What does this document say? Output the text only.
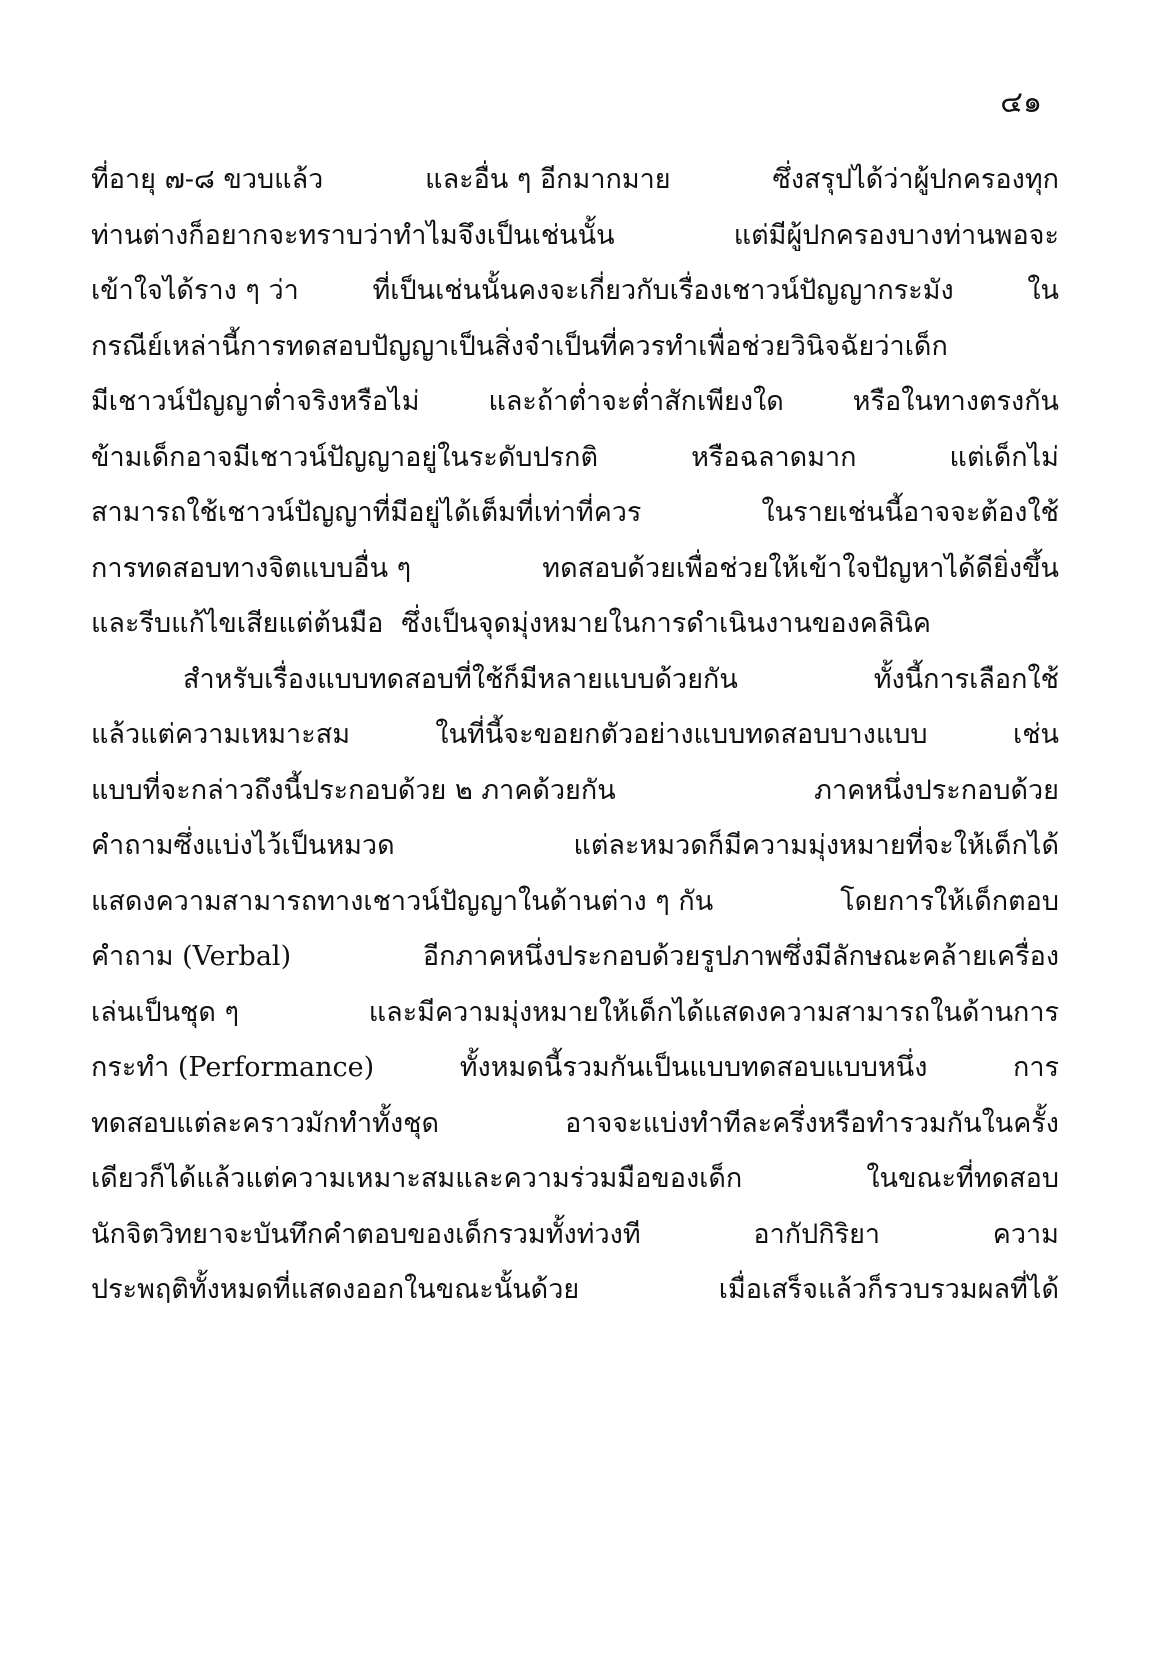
๔๑
ที่อายุ ๗-๘ ขวบแล้ว	และอื่น ๆ อีกมากมาย	ซึ่งสรุปได้ว่าผู้ปกครองทุก
ท่านต่างก็อยากจะทราบว่าทำไมจึงเป็นเช่นนั้น	แต่มีผู้ปกครองบางท่านพอจะ
เข้าใจได้ราง ๆ ว่า	ที่เป็นเช่นนั้นคงจะเกี่ยวกับเรื่องเชาวน์ปัญญากระมัง	ใน
กรณีย์เหล่านี้การทดสอบปัญญาเป็นสิ่งจำเป็นที่ควรทำเพื่อช่วยวินิจฉัยว่าเด็ก
มีเชาวน์ปัญญาต่ำจริงหรือไม่	และถ้าต่ำจะต่ำสักเพียงใด	หรือในทางตรงกัน
ข้ามเด็กอาจมีเชาวน์ปัญญาอยู่ในระดับปรกติ	หรือฉลาดมาก	แต่เด็กไม่
สามารถใช้เชาวน์ปัญญาที่มีอยู่ได้เต็มที่เท่าที่ควร	ในรายเช่นนี้อาจจะต้องใช้
การทดสอบทางจิตแบบอื่น ๆ	ทดสอบด้วยเพื่อช่วยให้เข้าใจปัญหาได้ดียิ่งขึ้น
และรีบแก้ไขเสียแต่ต้นมือ ซึ่งเป็นจุดมุ่งหมายในการดำเนินงานของคลินิค
สำหรับเรื่องแบบทดสอบที่ใช้ก็มีหลายแบบด้วยกัน	ทั้งนี้การเลือกใช้
แล้วแต่ความเหมาะสม	ในที่นี้จะขอยกตัวอย่างแบบทดสอบบางแบบ	เช่น
แบบที่จะกล่าวถึงนี้ประกอบด้วย ๒ ภาคด้วยกัน	ภาคหนึ่งประกอบด้วย
คำถามซึ่งแบ่งไว้เป็นหมวด	แต่ละหมวดก็มีความมุ่งหมายที่จะให้เด็กได้
แสดงความสามารถทางเชาวน์ปัญญาในด้านต่าง ๆ กัน	โดยการให้เด็กตอบ
คำถาม (Verbal)	อีกภาคหนึ่งประกอบด้วยรูปภาพซึ่งมีลักษณะคล้ายเครื่อง
เล่นเป็นชุด ๆ	และมีความมุ่งหมายให้เด็กได้แสดงความสามารถในด้านการ
กระทำ (Performance)	ทั้งหมดนี้รวมกันเป็นแบบทดสอบแบบหนึ่ง	การ
ทดสอบแต่ละคราวมักทำทั้งชุด	อาจจะแบ่งทำทีละครึ่งหรือทำรวมกันในครั้ง
เดียวก็ได้แล้วแต่ความเหมาะสมและความร่วมมือของเด็ก	ในขณะที่ทดสอบ
นักจิตวิทยาจะบันทึกคำตอบของเด็กรวมทั้งท่วงที	อากัปกิริยา	ความ
ประพฤติทั้งหมดที่แสดงออกในขณะนั้นด้วย	เมื่อเสร็จแล้วก็รวบรวมผลที่ได้
